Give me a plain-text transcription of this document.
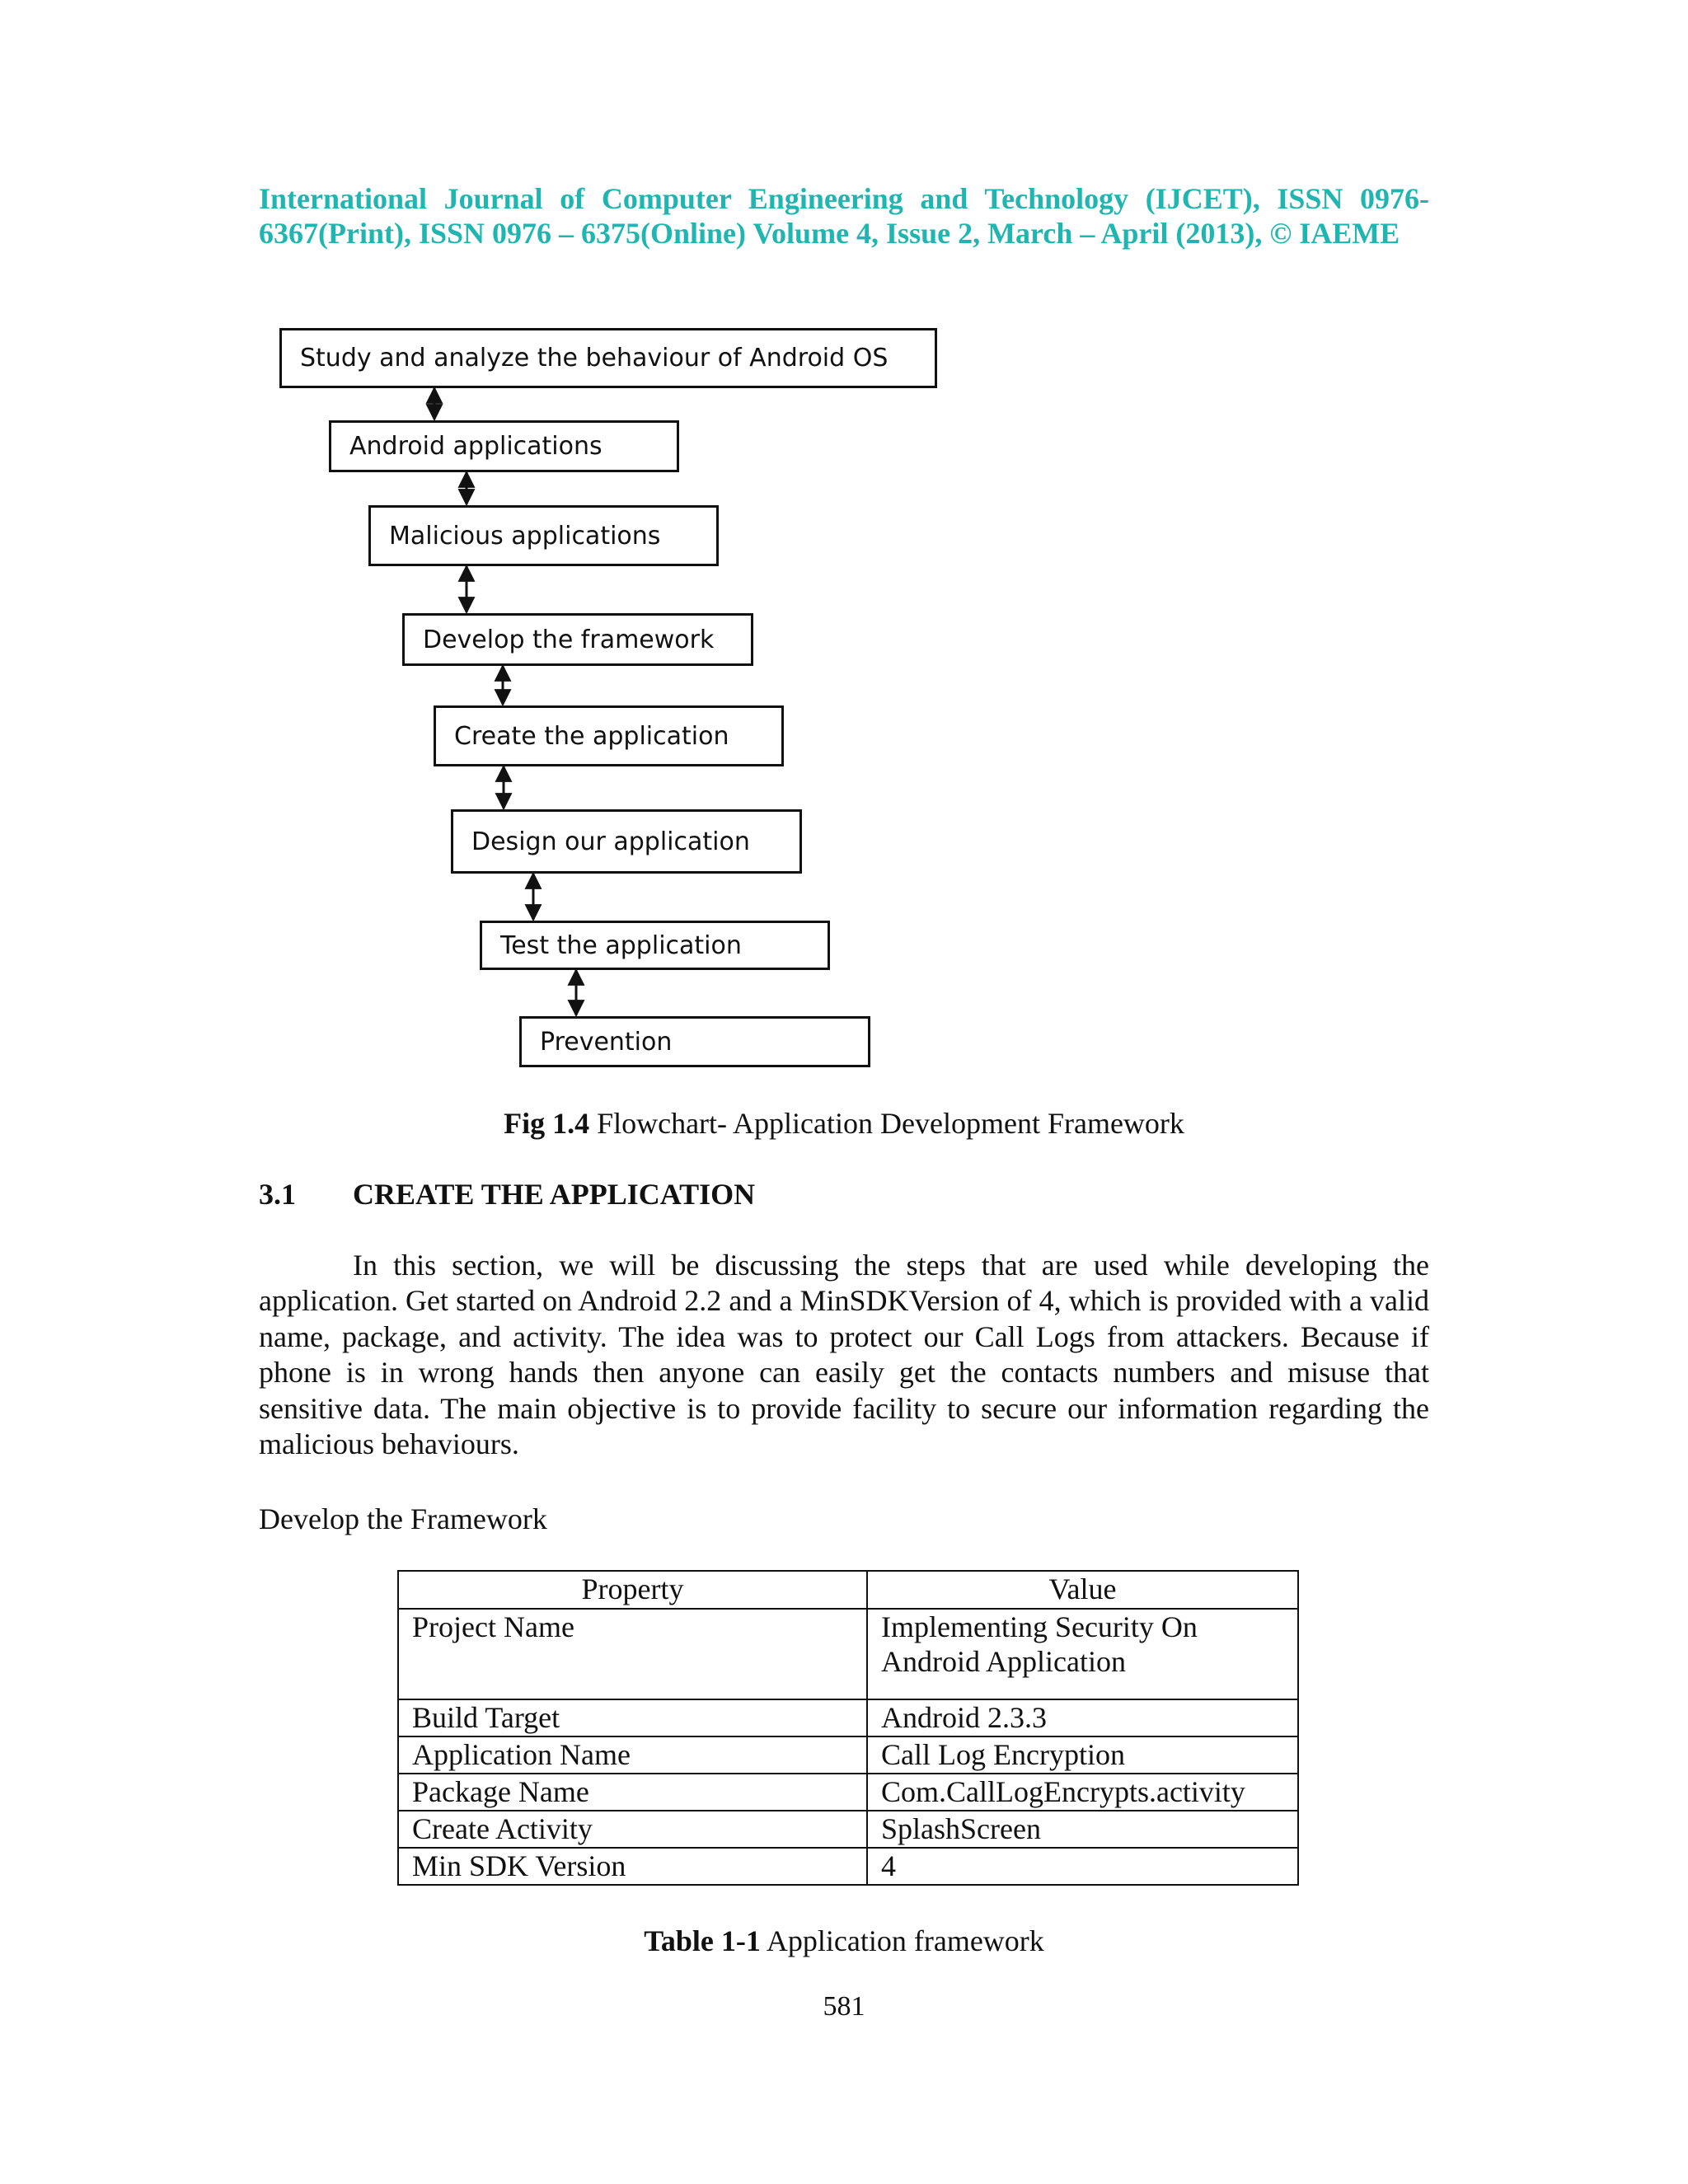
International Journal of Computer Engineering and Technology (IJCET), ISSN 0976-
6367(Print), ISSN 0976 – 6375(Online) Volume 4, Issue 2, March – April (2013), © IAEME
Study and analyze the behaviour of Android OS
Android applications
Malicious applications
Develop the framework
Create the application
Design our application
Test the application
Prevention
Fig 1.4 Flowchart- Application Development Framework
3.1 CREATE THE APPLICATION

In this section, we will be discussing the steps that are used while developing the application. Get started on Android 2.2 and a MinSDKVersion of 4, which is provided with a valid name, package, and activity. The idea was to protect our Call Logs from attackers. Because if phone is in wrong hands then anyone can easily get the contacts numbers and misuse that sensitive data. The main objective is to provide facility to secure our information regarding the malicious behaviours.

Develop the Framework
Property	Value
Project Name	Implementing Security On Android Application
Build Target	Android 2.3.3
Application Name	Call Log Encryption
Package Name	Com.CallLogEncrypts.activity
Create Activity	SplashScreen
Min SDK Version	4
Table 1-1 Application framework
581
